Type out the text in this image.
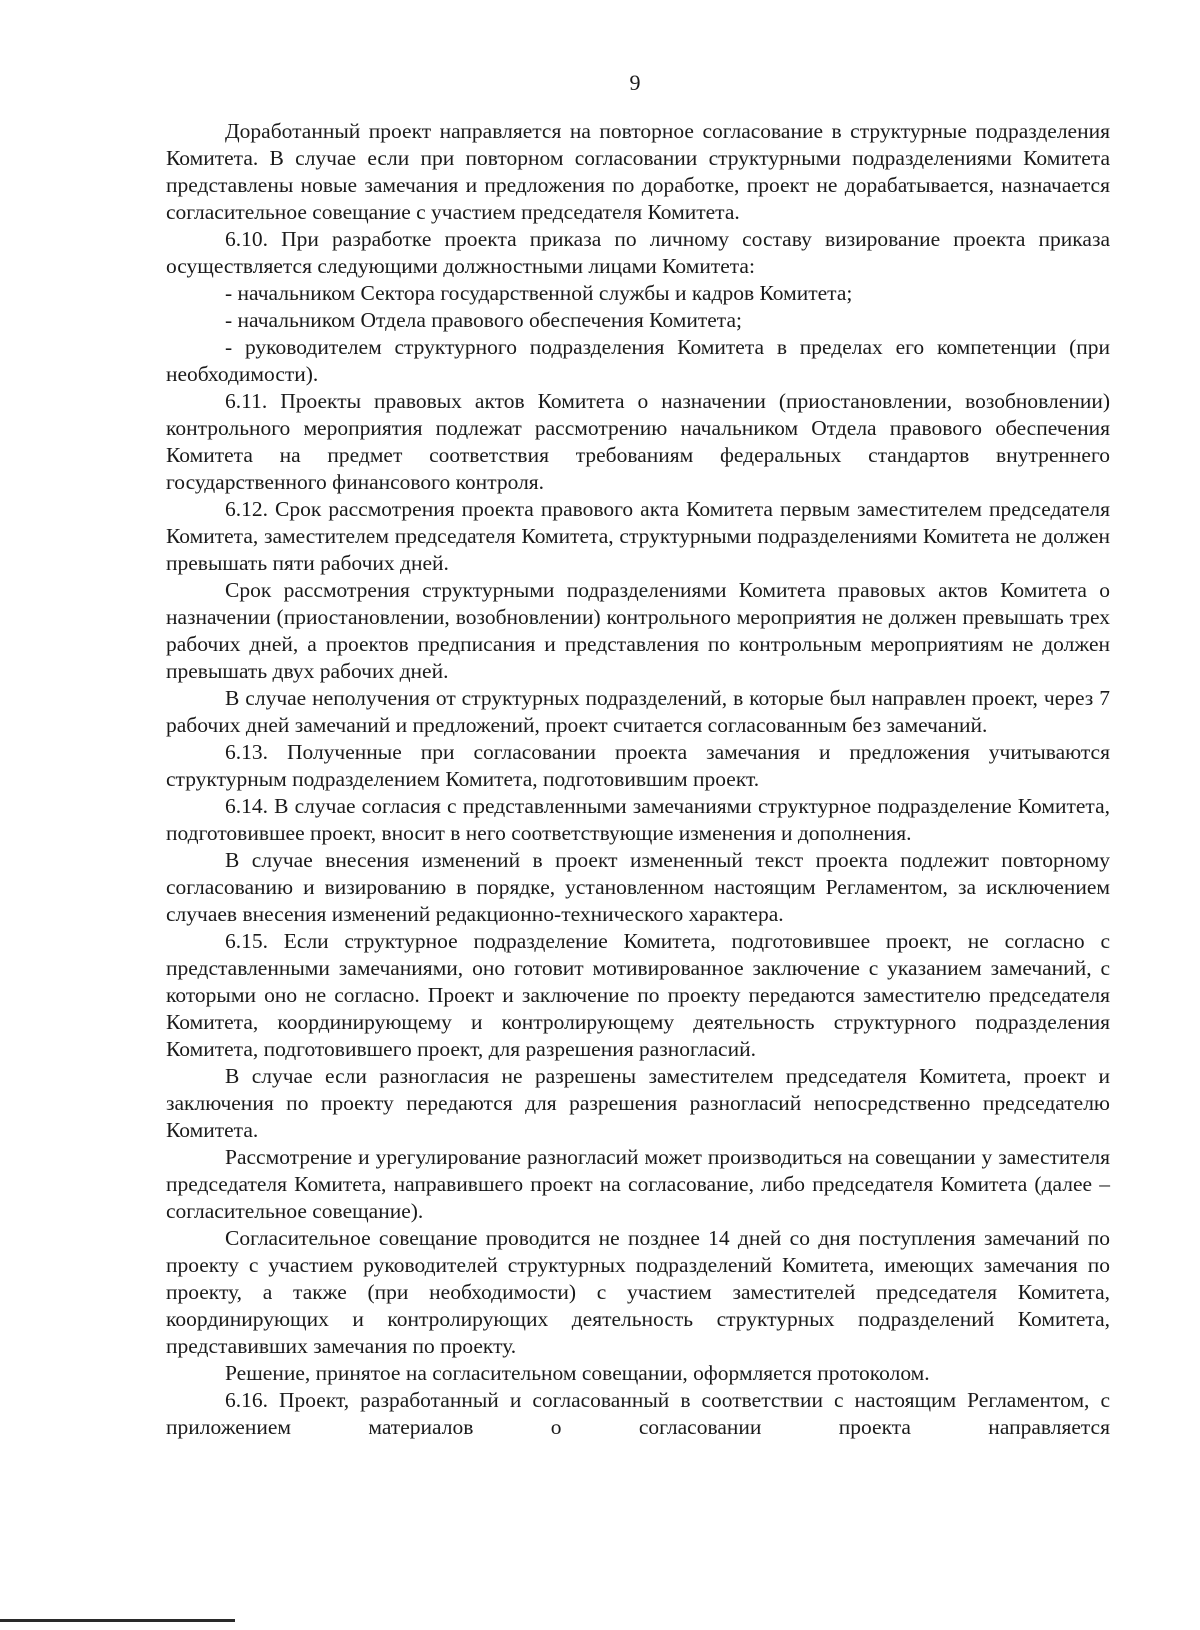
9

Доработанный проект направляется на повторное согласование в структурные подразделения Комитета. В случае если при повторном согласовании структурными подразделениями Комитета представлены новые замечания и предложения по доработке, проект не дорабатывается, назначается согласительное совещание с участием председателя Комитета.

6.10. При разработке проекта приказа по личному составу визирование проекта приказа осуществляется следующими должностными лицами Комитета:

- начальником Сектора государственной службы и кадров Комитета;

- начальником Отдела правового обеспечения Комитета;

- руководителем структурного подразделения Комитета в пределах его компетенции (при необходимости).

6.11. Проекты правовых актов Комитета о назначении (приостановлении, возобновлении) контрольного мероприятия подлежат рассмотрению начальником Отдела правового обеспечения Комитета на предмет соответствия требованиям федеральных стандартов внутреннего государственного финансового контроля.

6.12. Срок рассмотрения проекта правового акта Комитета первым заместителем председателя Комитета, заместителем председателя Комитета, структурными подразделениями Комитета не должен превышать пяти рабочих дней.

Срок рассмотрения структурными подразделениями Комитета правовых актов Комитета о назначении (приостановлении, возобновлении) контрольного мероприятия не должен превышать трех рабочих дней, а проектов предписания и представления по контрольным мероприятиям не должен превышать двух рабочих дней.

В случае неполучения от структурных подразделений, в которые был направлен проект, через 7 рабочих дней замечаний и предложений, проект считается согласованным без замечаний.

6.13. Полученные при согласовании проекта замечания и предложения учитываются структурным подразделением Комитета, подготовившим проект.

6.14. В случае согласия с представленными замечаниями структурное подразделение Комитета, подготовившее проект, вносит в него соответствующие изменения и дополнения.

В случае внесения изменений в проект измененный текст проекта подлежит повторному согласованию и визированию в порядке, установленном настоящим Регламентом, за исключением случаев внесения изменений редакционно-технического характера.

6.15. Если структурное подразделение Комитета, подготовившее проект, не согласно с представленными замечаниями, оно готовит мотивированное заключение с указанием замечаний, с которыми оно не согласно. Проект и заключение по проекту передаются заместителю председателя Комитета, координирующему и контролирующему деятельность структурного подразделения Комитета, подготовившего проект, для разрешения разногласий.

В случае если разногласия не разрешены заместителем председателя Комитета, проект и заключения по проекту передаются для разрешения разногласий непосредственно председателю Комитета.

Рассмотрение и урегулирование разногласий может производиться на совещании у заместителя председателя Комитета, направившего проект на согласование, либо председателя Комитета (далее – согласительное совещание).

Согласительное совещание проводится не позднее 14 дней со дня поступления замечаний по проекту с участием руководителей структурных подразделений Комитета, имеющих замечания по проекту, а также (при необходимости) с участием заместителей председателя Комитета, координирующих и контролирующих деятельность структурных подразделений Комитета, представивших замечания по проекту.

Решение, принятое на согласительном совещании, оформляется протоколом.

6.16. Проект, разработанный и согласованный в соответствии с настоящим Регламентом, с приложением материалов о согласовании проекта направляется
